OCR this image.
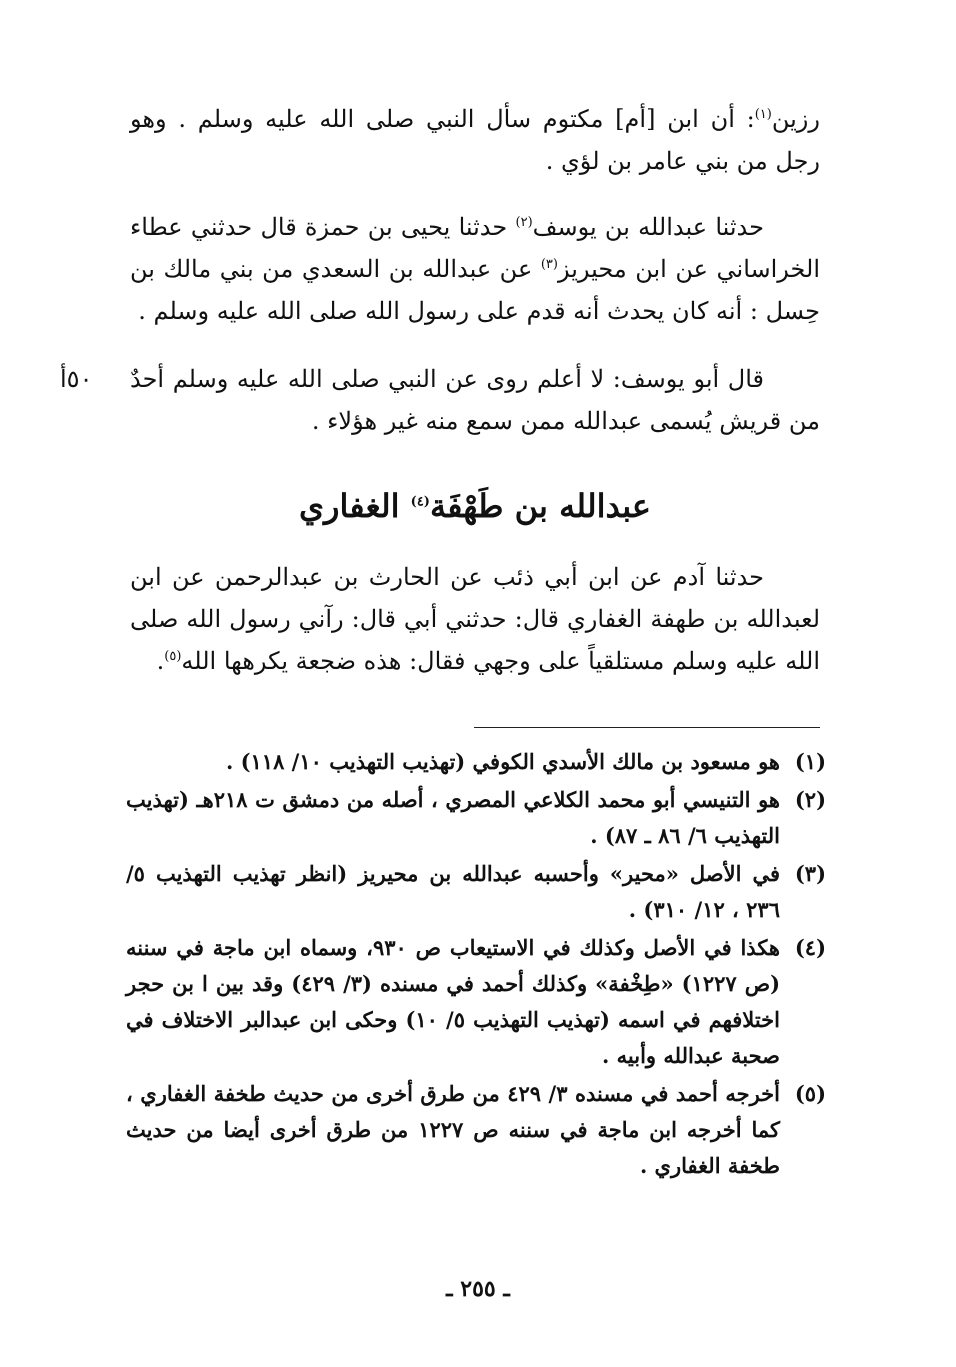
رزين$^{(١)}$: أن ابن [أم] مكتوم سأل النبي صلى الله عليه وسلم . وهو رجل من بني عامر بن لؤي .

حدثنا عبدالله بن يوسف$^{(٢)}$ حدثنا يحيى بن حمزة قال حدثني عطاء الخراساني عن ابن محيريز$^{(٣)}$ عن عبدالله بن السعدي من بني مالك بن حِسل : أنه كان يحدث أنه قدم على رسول الله صلى الله عليه وسلم .

قال أبو يوسف: لا أعلم روى عن النبي صلى الله عليه وسلم أحدٌ من قريش يُسمى عبدالله ممن سمع منه غير هؤلاء .

٥٠أ
عبدالله بن طَهْفَة$^{(٤)}$ الغفاري

حدثنا آدم عن ابن أبي ذئب عن الحارث بن عبدالرحمن عن ابن لعبدالله بن طهفة الغفاري قال: حدثني أبي قال: رآني رسول الله صلى الله عليه وسلم مستلقياً على وجهي فقال: هذه ضجعة يكرهها الله$^{(٥)}$.

(١)
هو مسعود بن مالك الأسدي الكوفي (تهذيب التهذيب ١٠/ ١١٨) .
(٢)
هو التنيسي أبو محمد الكلاعي المصري ، أصله من دمشق ت ٢١٨هـ (تهذيب التهذيب ٦/ ٨٦ ـ ٨٧) .
(٣)
في الأصل «محير» وأحسبه عبدالله بن محيريز (انظر تهذيب التهذيب ٥/ ٢٣٦ ، ١٢/ ٣١٠) .
(٤)
هكذا في الأصل وكذلك في الاستيعاب ص ٩٣٠، وسماه ابن ماجة في سننه (ص ١٢٢٧) «طِخْفة» وكذلك أحمد في مسنده (٣/ ٤٢٩) وقد بين ا بن حجر اختلافهم في اسمه (تهذيب التهذيب ٥/ ١٠) وحكى ابن عبدالبر الاختلاف في صحبة عبدالله وأبيه .
(٥)
أخرجه أحمد في مسنده ٣/ ٤٢٩ من طرق أخرى من حديث طخفة الغفاري ، كما أخرجه ابن ماجة في سننه ص ١٢٢٧ من طرق أخرى أيضا من حديث طخفة الغفاري .
ـ ٢٥٥ ـ
